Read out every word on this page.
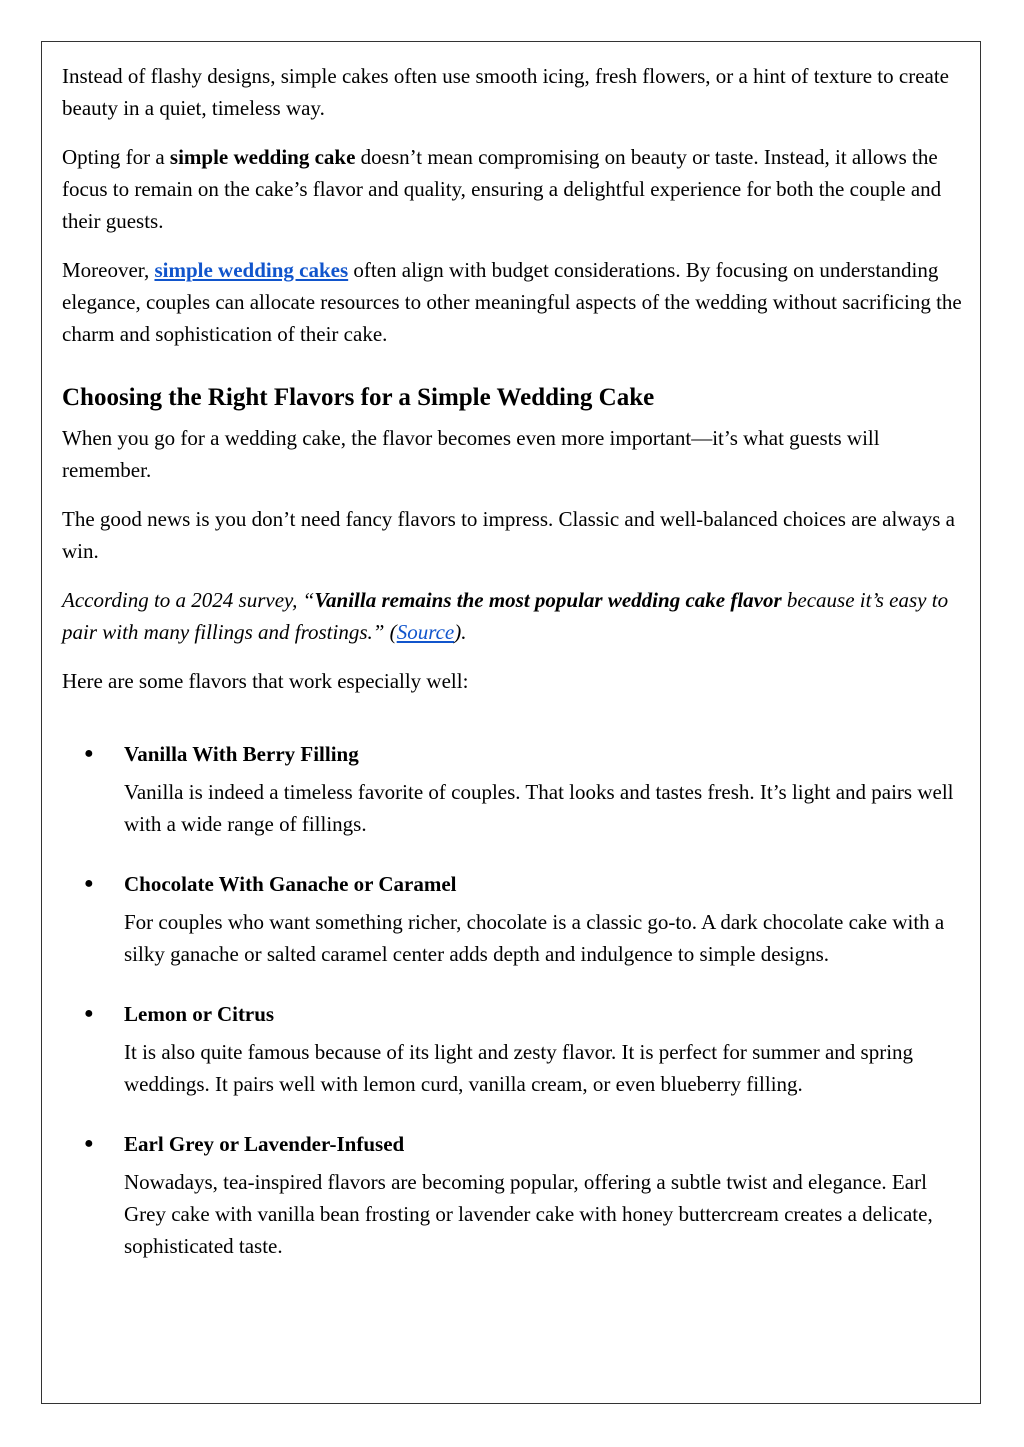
Instead of flashy designs, simple cakes often use smooth icing, fresh flowers, or a hint of texture to create beauty in a quiet, timeless way.

Opting for a simple wedding cake doesn’t mean compromising on beauty or taste. Instead, it allows the focus to remain on the cake’s flavor and quality, ensuring a delightful experience for both the couple and their guests.

Moreover, simple wedding cakes often align with budget considerations. By focusing on understanding elegance, couples can allocate resources to other meaningful aspects of the wedding without sacrificing the charm and sophistication of their cake.

Choosing the Right Flavors for a Simple Wedding Cake

When you go for a wedding cake, the flavor becomes even more important—it’s what guests will remember.

The good news is you don’t need fancy flavors to impress. Classic and well-balanced choices are always a win.

According to a 2024 survey, “Vanilla remains the most popular wedding cake flavor because it’s easy to pair with many fillings and frostings.” (Source).

Here are some flavors that work especially well:

● Vanilla With Berry Filling

Vanilla is indeed a timeless favorite of couples. That looks and tastes fresh. It’s light and pairs well with a wide range of fillings.

● Chocolate With Ganache or Caramel

For couples who want something richer, chocolate is a classic go-to. A dark chocolate cake with a silky ganache or salted caramel center adds depth and indulgence to simple designs.

● Lemon or Citrus

It is also quite famous because of its light and zesty flavor. It is perfect for summer and spring weddings. It pairs well with lemon curd, vanilla cream, or even blueberry filling.

● Earl Grey or Lavender-Infused

Nowadays, tea-inspired flavors are becoming popular, offering a subtle twist and elegance. Earl Grey cake with vanilla bean frosting or lavender cake with honey buttercream creates a delicate, sophisticated taste.
